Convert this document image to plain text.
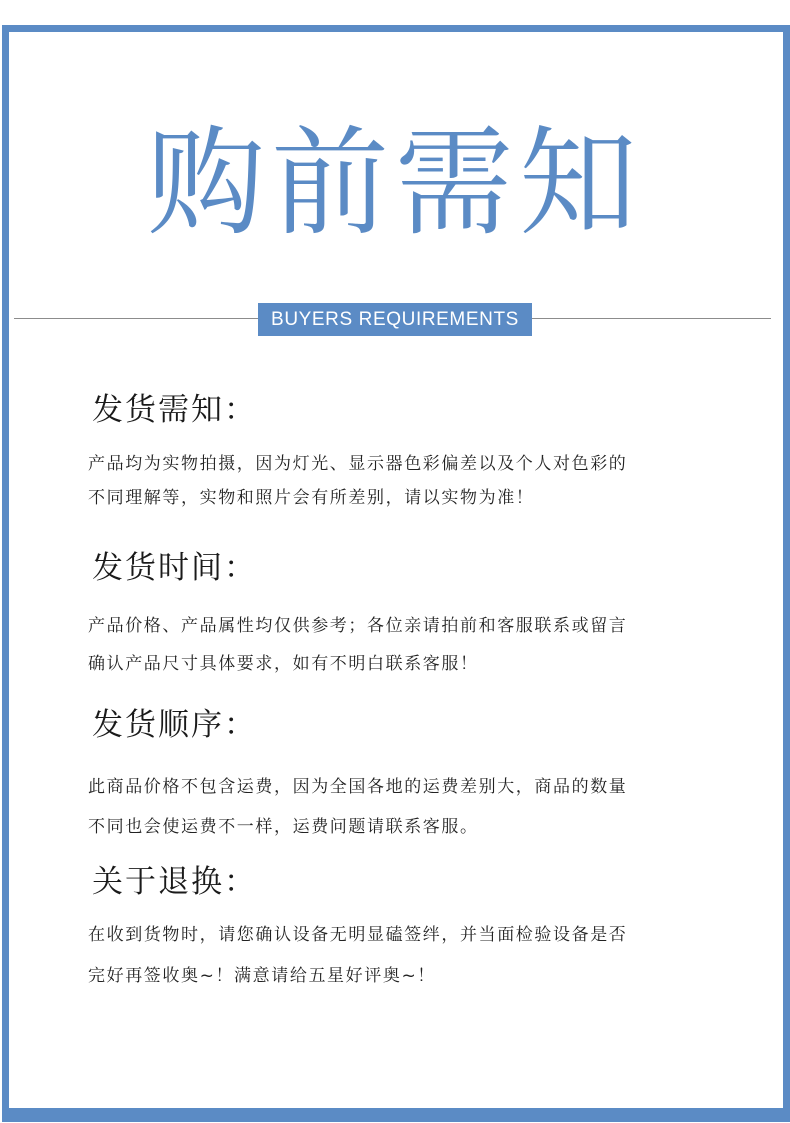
购前需知
BUYERS REQUIREMENTS
发货需知：
产品均为实物拍摄，因为灯光、显示器色彩偏差以及个人对色彩的
不同理解等，实物和照片会有所差别，请以实物为准！
发货时间：
产品价格、产品属性均仅供参考；各位亲请拍前和客服联系或留言
确认产品尺寸具体要求，如有不明白联系客服！
发货顺序：
此商品价格不包含运费，因为全国各地的运费差别大，商品的数量
不同也会使运费不一样，运费问题请联系客服。
关于退换：
在收到货物时，请您确认设备无明显磕签绊，并当面检验设备是否
完好再签收奥~！满意请给五星好评奥~！
